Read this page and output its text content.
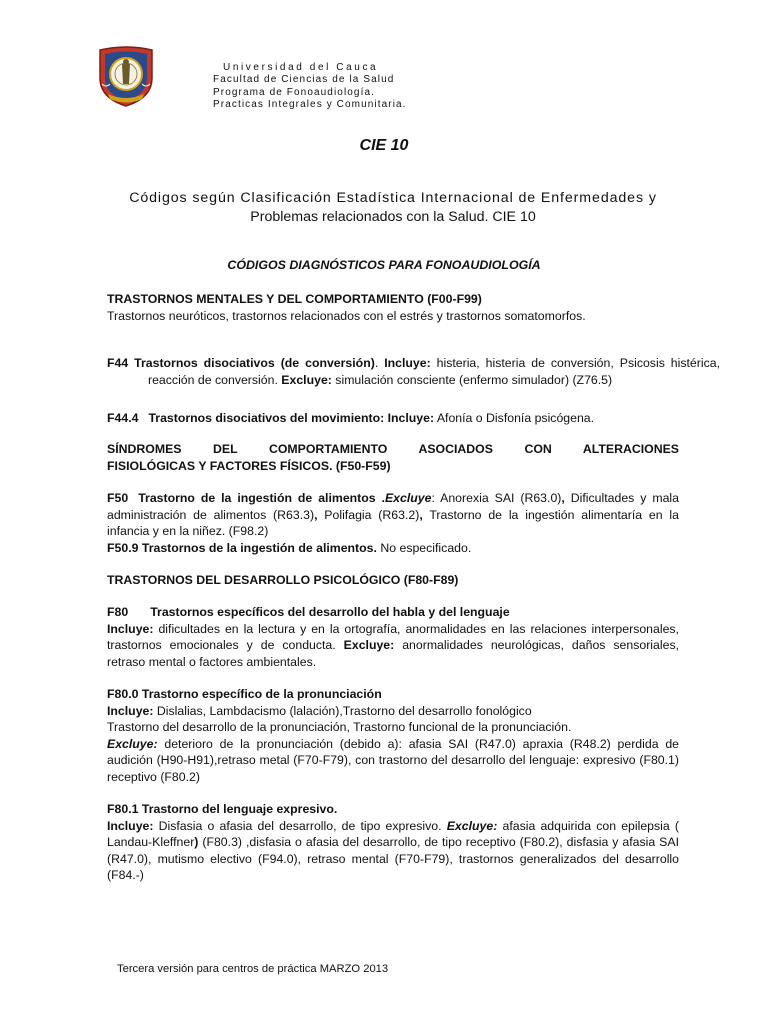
Universidad del Cauca
Facultad de Ciencias de la Salud
Programa de Fonoaudiología.
Practicas Integrales y Comunitaria.
CIE 10
Códigos según Clasificación Estadística Internacional de Enfermedades y
Problemas relacionados con la Salud. CIE 10
CÓDIGOS DIAGNÓSTICOS PARA FONOAUDIOLOGÍA
TRASTORNOS MENTALES Y DEL COMPORTAMIENTO (F00-F99)
Trastornos neuróticos, trastornos relacionados con el estrés y trastornos somatomorfos.
F44 Trastornos disociativos (de conversión). Incluye: histeria, histeria de conversión, Psicosis histérica, reacción de conversión. Excluye: simulación consciente (enfermo simulador) (Z76.5)
F44.4 Trastornos disociativos del movimiento: Incluye: Afonía o Disfonía psicógena.
SÍNDROMES DEL COMPORTAMIENTO ASOCIADOS CON ALTERACIONES
FISIOLÓGICAS Y FACTORES FÍSICOS. (F50-F59)
F50 Trastorno de la ingestión de alimentos .Excluye: Anorexia SAI (R63.0), Dificultades y mala administración de alimentos (R63.3), Polifagia (R63.2), Trastorno de la ingestión alimentaría en la infancia y en la niñez. (F98.2)
F50.9 Trastornos de la ingestión de alimentos. No especificado.
TRASTORNOS DEL DESARROLLO PSICOLÓGICO (F80-F89)
F80 Trastornos específicos del desarrollo del habla y del lenguaje
Incluye: dificultades en la lectura y en la ortografía, anormalidades en las relaciones interpersonales, trastornos emocionales y de conducta. Excluye: anormalidades neurológicas, daños sensoriales, retraso mental o factores ambientales.
F80.0 Trastorno específico de la pronunciación
Incluye: Dislalias, Lambdacismo (lalación),Trastorno del desarrollo fonológico
Trastorno del desarrollo de la pronunciación, Trastorno funcional de la pronunciación.
Excluye: deterioro de la pronunciación (debido a): afasia SAI (R47.0) apraxia (R48.2) perdida de audición (H90-H91),retraso metal (F70-F79), con trastorno del desarrollo del lenguaje: expresivo (F80.1) receptivo (F80.2)
F80.1 Trastorno del lenguaje expresivo.
Incluye: Disfasia o afasia del desarrollo, de tipo expresivo. Excluye: afasia adquirida con epilepsia ( Landau-Kleffner) (F80.3) ,disfasia o afasia del desarrollo, de tipo receptivo (F80.2), disfasia y afasia SAI (R47.0), mutismo electivo (F94.0), retraso mental (F70-F79), trastornos generalizados del desarrollo (F84.-)
Tercera versión para centros de práctica MARZO 2013
